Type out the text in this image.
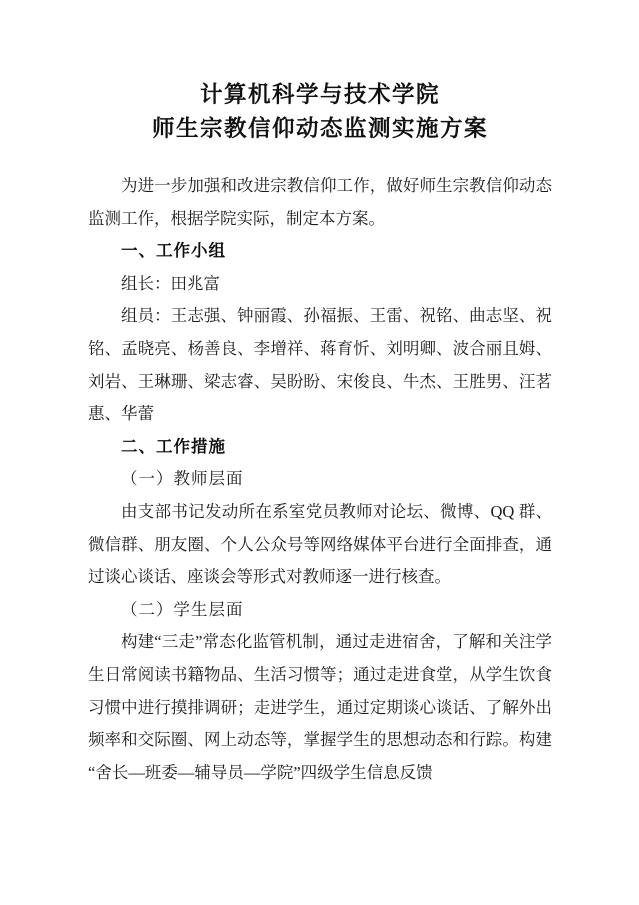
计算机科学与技术学院
师生宗教信仰动态监测实施方案

为进一步加强和改进宗教信仰工作，做好师生宗教信仰动态监测工作，根据学院实际，制定本方案。

一、工作小组

组长：田兆富

组员：王志强、钟丽霞、孙福振、王雷、祝铭、曲志坚、祝铭、孟晓亮、杨善良、李增祥、蒋育忻、刘明卿、波合丽且姆、刘岩、王琳珊、梁志睿、吴盼盼、宋俊良、牛杰、王胜男、汪茗惠、华蕾

二、工作措施

（一）教师层面

由支部书记发动所在系室党员教师对论坛、微博、QQ 群、微信群、朋友圈、个人公众号等网络媒体平台进行全面排查，通过谈心谈话、座谈会等形式对教师逐一进行核查。

（二）学生层面

构建“三走”常态化监管机制，通过走进宿舍，了解和关注学生日常阅读书籍物品、生活习惯等；通过走进食堂，从学生饮食习惯中进行摸排调研；走进学生，通过定期谈心谈话、了解外出频率和交际圈、网上动态等，掌握学生的思想动态和行踪。构建“舍长—班委—辅导员—学院”四级学生信息反馈
